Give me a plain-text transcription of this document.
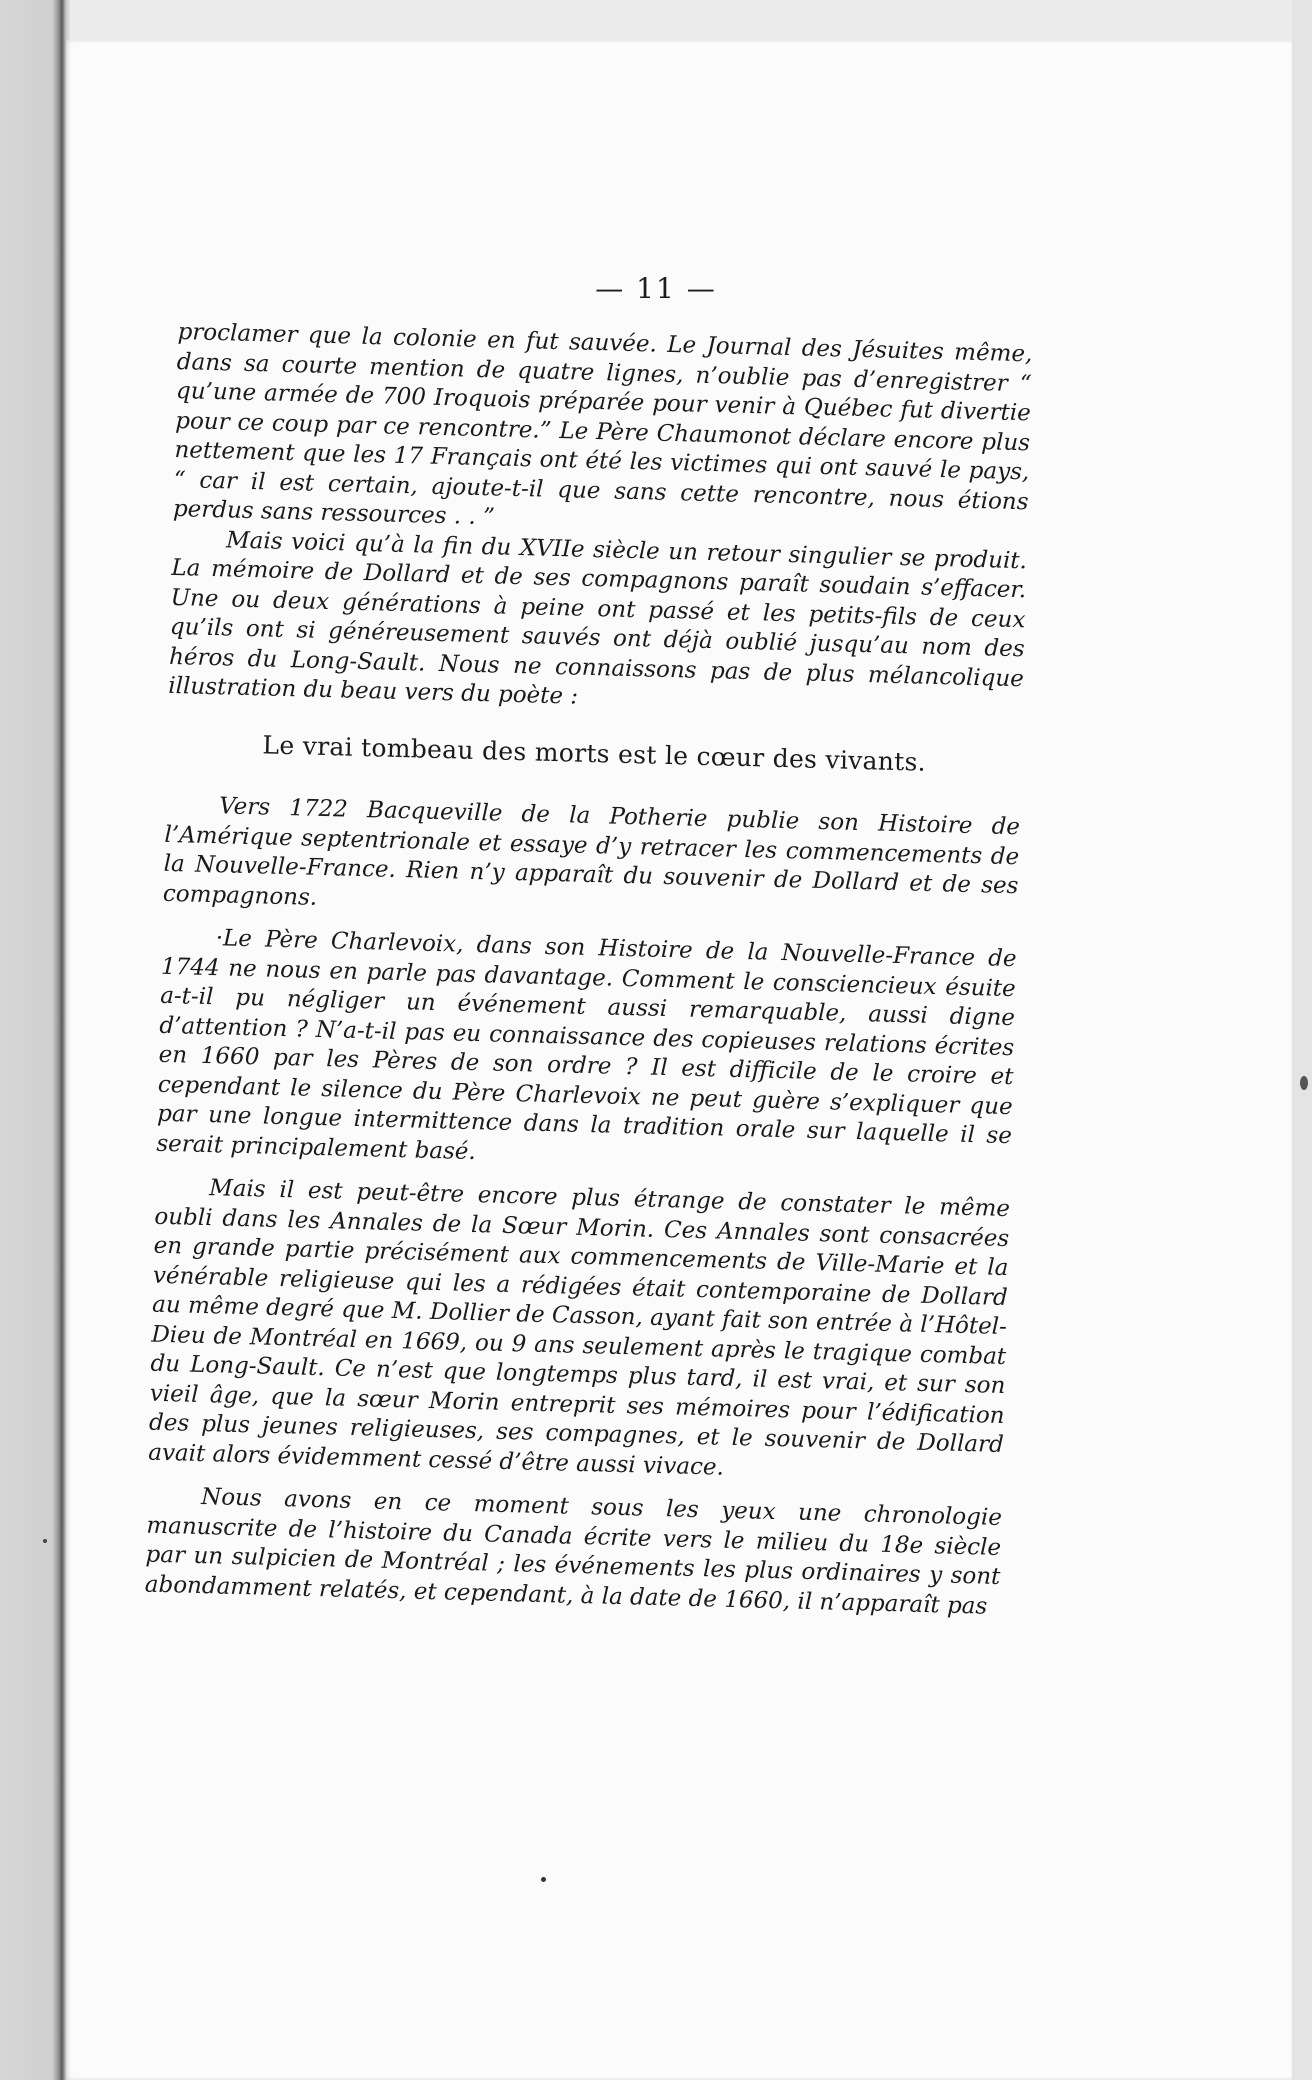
— 11 —

proclamer que la colonie en fut sauvée. Le Journal des Jésuites même, dans sa courte mention de quatre lignes, n’oublie pas d’enregistrer “ qu’une armée de 700 Iroquois préparée pour venir à Québec fut divertie pour ce coup par ce rencontre.” Le Père Chaumonot déclare encore plus nettement que les 17 Français ont été les victimes qui ont sauvé le pays, “ car il est certain, ajoute-t-il que sans cette rencontre, nous étions perdus sans ressources . . ”

Mais voici qu’à la fin du XVIIe siècle un retour singulier se produit. La mémoire de Dollard et de ses compagnons paraît soudain s’effacer. Une ou deux générations à peine ont passé et les petits-fils de ceux qu’ils ont si généreusement sauvés ont déjà oublié jusqu’au nom des héros du Long-Sault. Nous ne connaissons pas de plus mélancolique illustration du beau vers du poète :

Le vrai tombeau des morts est le cœur des vivants.

Vers 1722 Bacqueville de la Potherie publie son Histoire de l’Amérique septentrionale et essaye d’y retracer les commencements de la Nouvelle-France. Rien n’y apparaît du souvenir de Dollard et de ses compagnons.

·Le Père Charlevoix, dans son Histoire de la Nouvelle-France de 1744 ne nous en parle pas davantage. Comment le consciencieux ésuite a-t-il pu négliger un événement aussi remarquable, aussi digne d’attention ? N’a-t-il pas eu connaissance des copieuses relations écrites en 1660 par les Pères de son ordre ? Il est difficile de le croire et cependant le silence du Père Charlevoix ne peut guère s’expliquer que par une longue intermittence dans la tradition orale sur laquelle il se serait principalement basé.

Mais il est peut-être encore plus étrange de constater le même oubli dans les Annales de la Sœur Morin. Ces Annales sont consacrées en grande partie précisément aux commencements de Ville-Marie et la vénérable religieuse qui les a rédigées était contemporaine de Dollard au même degré que M. Dollier de Casson, ayant fait son entrée à l’Hôtel-Dieu de Montréal en 1669, ou 9 ans seulement après le tragique combat du Long-Sault. Ce n’est que longtemps plus tard, il est vrai, et sur son vieil âge, que la sœur Morin entreprit ses mémoires pour l’édification des plus jeunes religieuses, ses compagnes, et le souvenir de Dollard avait alors évidemment cessé d’être aussi vivace.

Nous avons en ce moment sous les yeux une chronologie manuscrite de l’histoire du Canada écrite vers le milieu du 18e siècle par un sulpicien de Montréal ; les événements les plus ordinaires y sont abondamment relatés, et cependant, à la date de 1660, il n’apparaît pas
